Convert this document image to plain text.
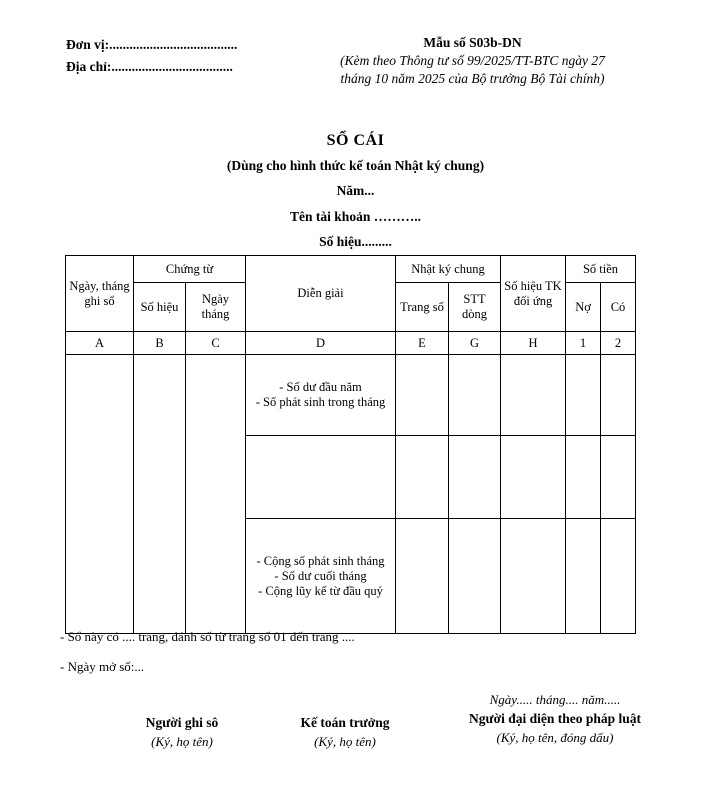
Đơn vị:......................................
Địa chỉ:....................................
Mẫu số S03b-DN
(Kèm theo Thông tư số 99/2025/TT-BTC ngày 27
tháng 10 năm 2025 của Bộ trưởng Bộ Tài chính)
SỔ CÁI
(Dùng cho hình thức kế toán Nhật ký chung)
Năm...
Tên tài khoản ………..
Số hiệu.........
Ngày, tháng ghi sổ	Chứng từ		Diễn giải	Nhật ký chung		Số hiệu TK đối ứng	Số tiền	
	Số hiệu	Ngày tháng		Trang số	STT dòng		Nợ	Có
A	B	C	D	E	G	H	1	2

			- Số dư đầu năm
- Số phát sinh trong tháng					

			- Cộng số phát sinh tháng
- Số dư cuối tháng
- Cộng lũy kế từ đầu quý					

- Sổ này có .... trang, đánh số từ trang số 01 đến trang ....
- Ngày mở sổ:...
Người ghi sô
(Ký, họ tên)
Kế toán trưởng
(Ký, họ tên)
Ngày..... tháng.... năm.....
Người đại diện theo pháp luật
(Ký, họ tên, đóng dấu)
